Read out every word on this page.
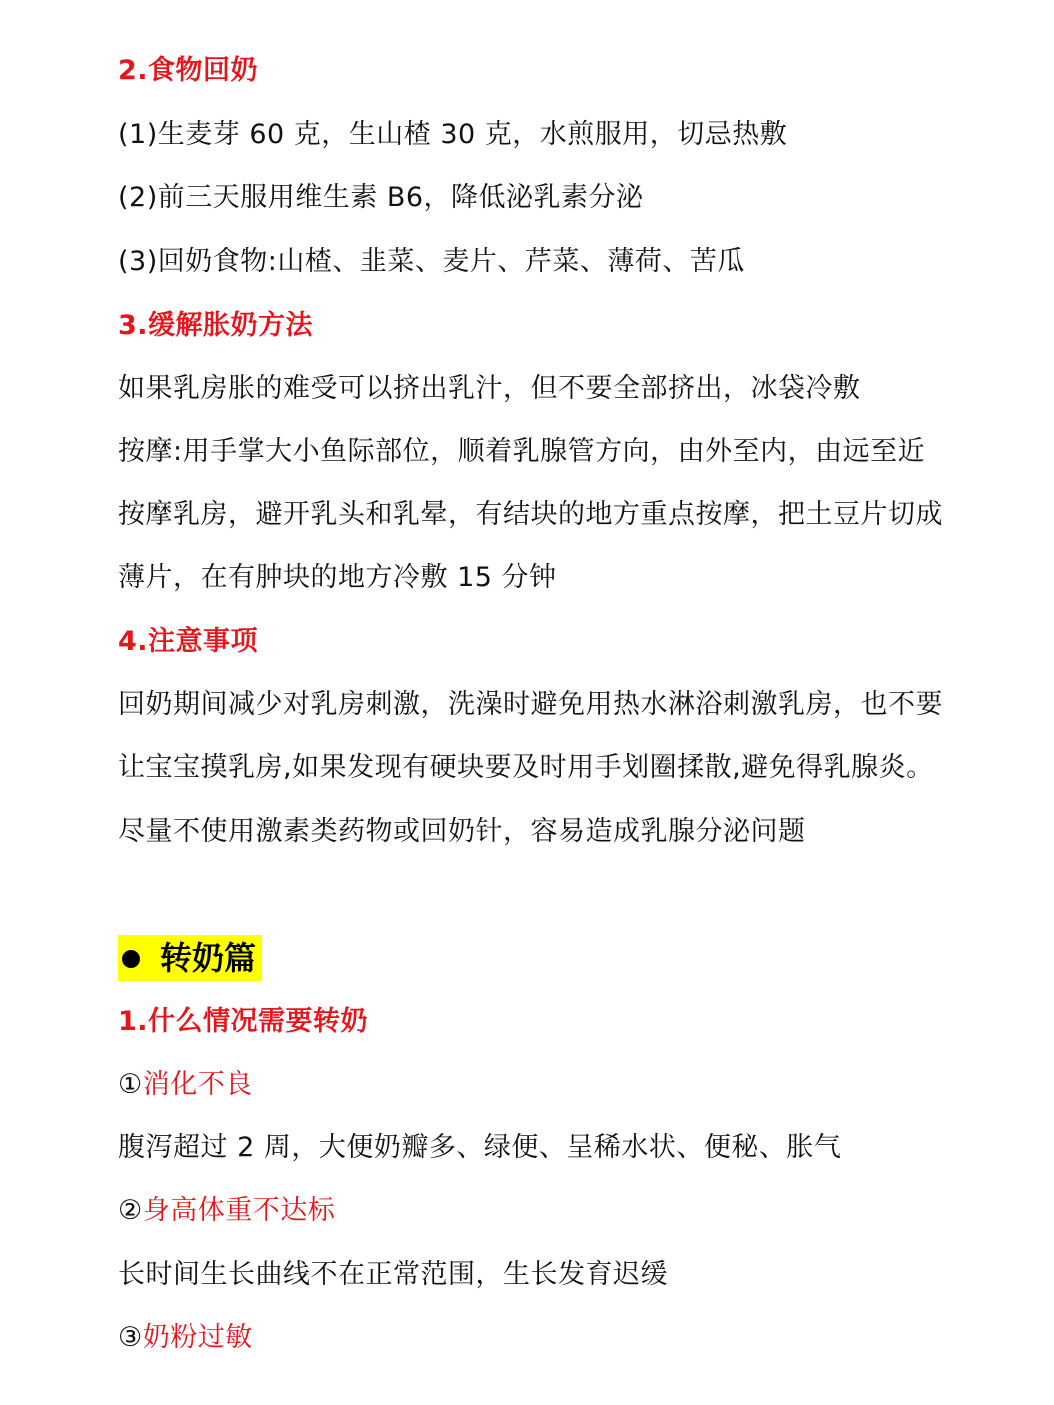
2.食物回奶
(1)生麦芽 60 克，生山楂 30 克，水煎服用，切忌热敷
(2)前三天服用维生素 B6，降低泌乳素分泌
(3)回奶食物:山楂、韭菜、麦片、芹菜、薄荷、苦瓜
3.缓解胀奶方法
如果乳房胀的难受可以挤出乳汁，但不要全部挤出，冰袋冷敷
按摩:用手掌大小鱼际部位，顺着乳腺管方向，由外至内，由远至近
按摩乳房，避开乳头和乳晕，有结块的地方重点按摩，把土豆片切成
薄片，在有肿块的地方冷敷 15 分钟
4.注意事项
回奶期间减少对乳房刺激，洗澡时避免用热水淋浴刺激乳房，也不要
让宝宝摸乳房,如果发现有硬块要及时用手划圈揉散,避免得乳腺炎。
尽量不使用激素类药物或回奶针，容易造成乳腺分泌问题
转奶篇
1.什么情况需要转奶
①消化不良
腹泻超过 2 周，大便奶瓣多、绿便、呈稀水状、便秘、胀气
②身高体重不达标
长时间生长曲线不在正常范围，生长发育迟缓
③奶粉过敏
